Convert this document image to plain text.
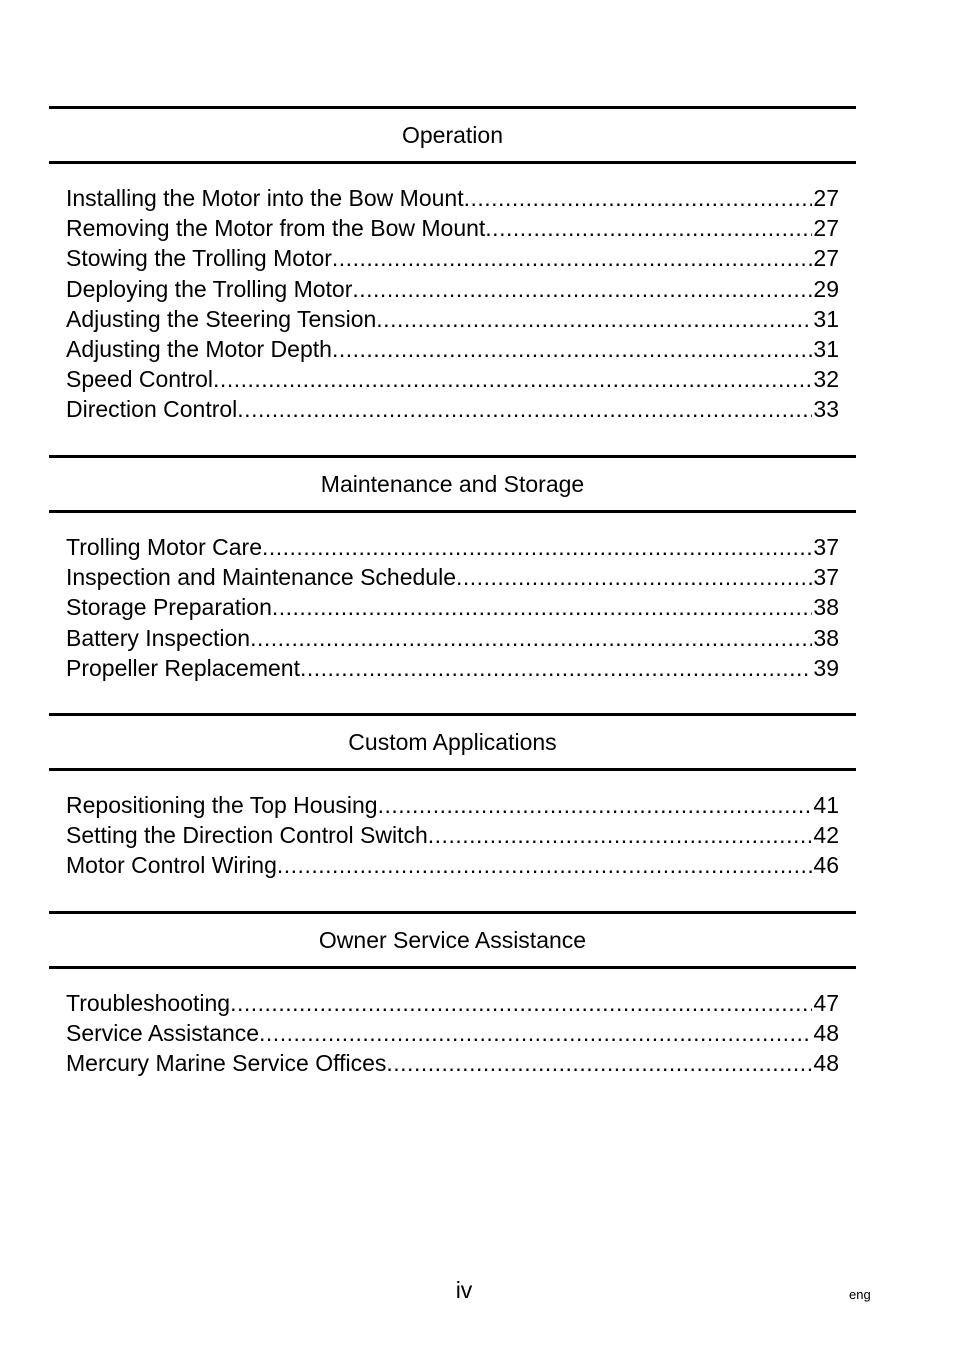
Operation
Installing the Motor into the Bow Mount .....	27
Removing the Motor from the Bow Mount .....	27
Stowing the Trolling Motor .....	27
Deploying the Trolling Motor .....	29
Adjusting the Steering Tension .....	31
Adjusting the Motor Depth .....	31
Speed Control .....	32
Direction Control .....	33
Maintenance and Storage
Trolling Motor Care .....	37
Inspection and Maintenance Schedule .....	37
Storage Preparation .....	38
Battery Inspection .....	38
Propeller Replacement .....	39
Custom Applications
Repositioning the Top Housing .....	41
Setting the Direction Control Switch .....	42
Motor Control Wiring .....	46
Owner Service Assistance
Troubleshooting .....	47
Service Assistance .....	48
Mercury Marine Service Offices .....	48
iv	eng
